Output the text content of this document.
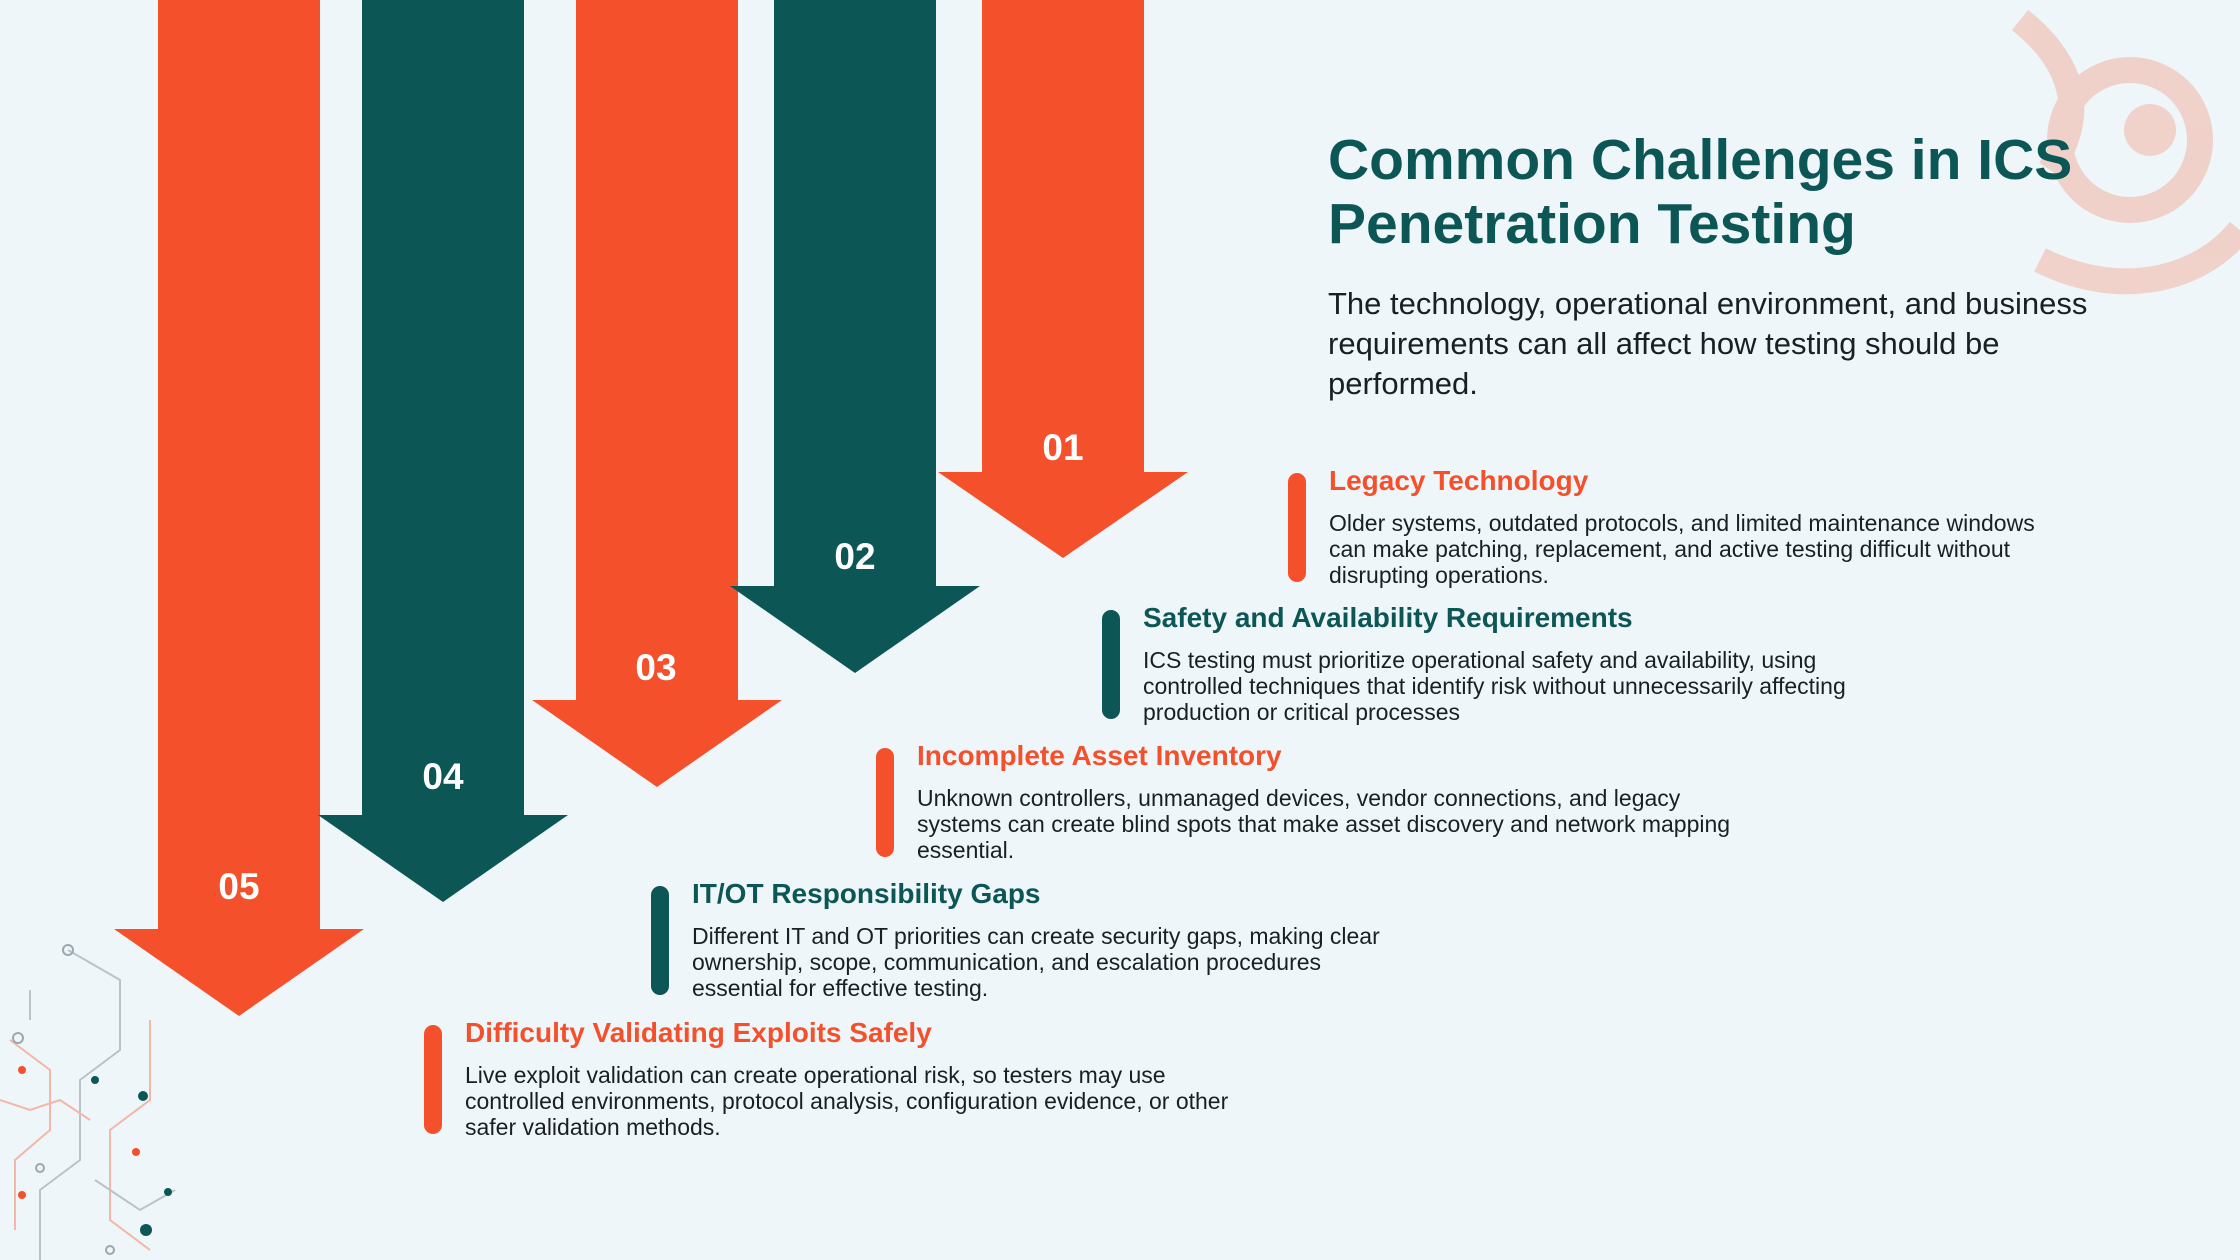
Common Challenges in ICS Penetration Testing
The technology, operational environment, and business requirements can all affect how testing should be performed.
01
02
03
04
05
Legacy Technology
Older systems, outdated protocols, and limited maintenance windows can make patching, replacement, and active testing difficult without disrupting operations.
Safety and Availability Requirements
ICS testing must prioritize operational safety and availability, using controlled techniques that identify risk without unnecessarily affecting production or critical processes
Incomplete Asset Inventory
Unknown controllers, unmanaged devices, vendor connections, and legacy systems can create blind spots that make asset discovery and network mapping essential.
IT/OT Responsibility Gaps
Different IT and OT priorities can create security gaps, making clear ownership, scope, communication, and escalation procedures essential for effective testing.
Difficulty Validating Exploits Safely
Live exploit validation can create operational risk, so testers may use controlled environments, protocol analysis, configuration evidence, or other safer validation methods.
